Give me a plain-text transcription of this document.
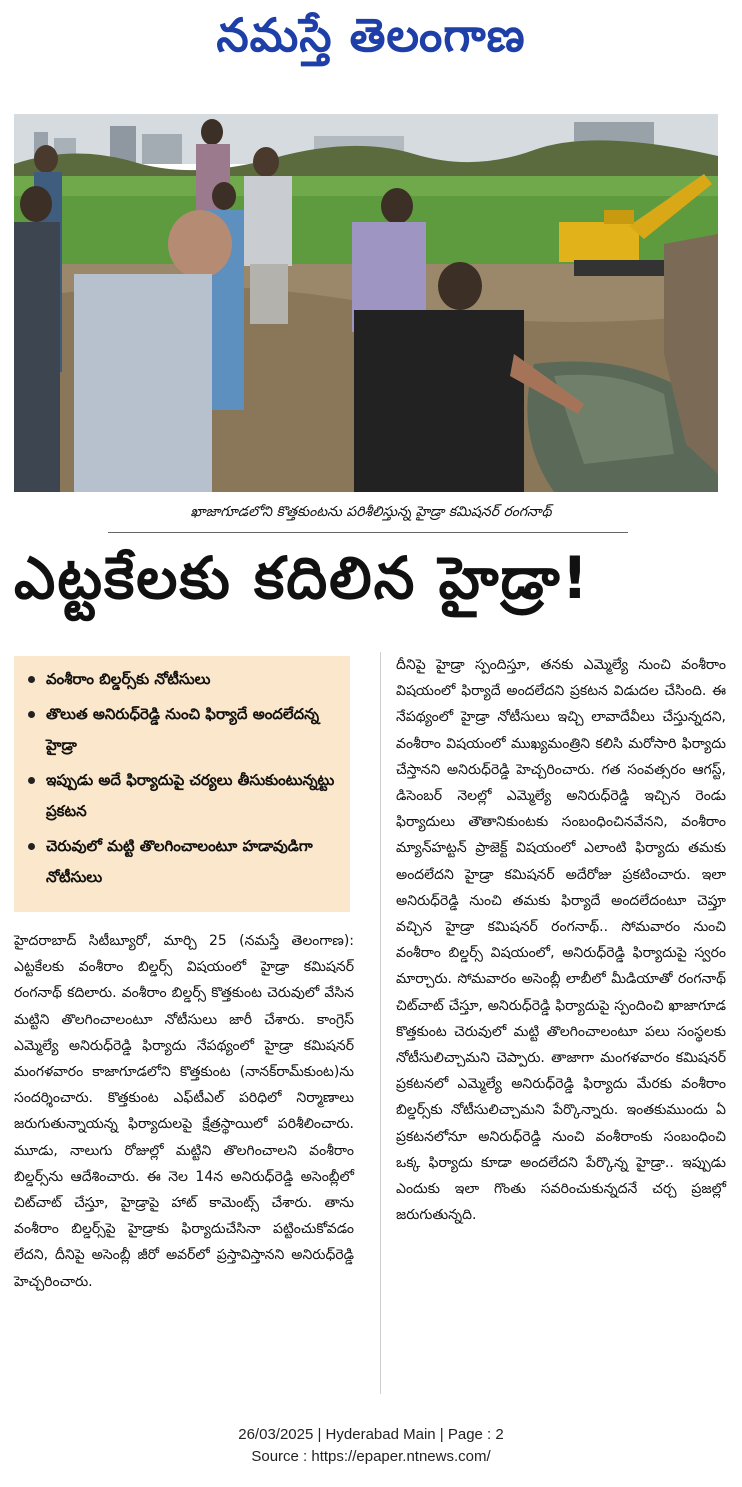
నమస్తే తెలంగాణ
ఖాజాగూడలోని కొత్తకుంటను పరిశీలిస్తున్న హైడ్రా కమిషనర్ రంగనాథ్
ఎట్టకేలకు కదిలిన హైడ్రా!
వంశీరాం బిల్డర్స్‌కు నోటీసులు
తొలుత అనిరుధ్‌రెడ్డి నుంచి ఫిర్యాదే అందలేదన్న హైడ్రా
ఇప్పుడు అదే ఫిర్యాదుపై చర్యలు తీసుకుంటున్నట్టు ప్రకటన
చెరువులో మట్టి తొలగించాలంటూ హడావుడిగా నోటీసులు

హైదరాబాద్ సిటీబ్యూరో, మార్చి 25 (నమస్తే తెలంగాణ): ఎట్టకేలకు వంశీరాం బిల్డర్స్ విషయంలో హైడ్రా కమిషనర్ రంగనాథ్ కదిలారు. వంశీరాం బిల్డర్స్ కొత్తకుంట చెరువులో వేసిన మట్టిని తొలగించాలంటూ నోటీసులు జారీ చేశారు. కాంగ్రెస్ ఎమ్మెల్యే అనిరుధ్‌రెడ్డి ఫిర్యాదు నేపథ్యంలో హైడ్రా కమిషనర్ మంగళవారం కాజాగూడలోని కొత్తకుంట (నానక్‌రామ్‌కుంట)ను సందర్శించారు. కొత్తకుంట ఎఫ్‌టీఎల్ పరిధిలో నిర్మాణాలు జరుగుతున్నాయన్న ఫిర్యాదులపై క్షేత్రస్థాయిలో పరిశీలించారు. మూడు, నాలుగు రోజుల్లో మట్టిని తొలగించాలని వంశీరాం బిల్డర్స్‌ను ఆదేశించారు. ఈ నెల 14న అనిరుధ్‌రెడ్డి అసెంబ్లీలో చిట్‌చాట్ చేస్తూ, హైడ్రాపై హాట్ కామెంట్స్ చేశారు. తాను వంశీరాం బిల్డర్స్‌పై హైడ్రాకు ఫిర్యాదుచేసినా పట్టించుకోవడం లేదని, దీనిపై అసెంబ్లీ జీరో అవర్‌లో ప్రస్తావిస్తానని అనిరుధ్‌రెడ్డి హెచ్చరించారు.

దీనిపై హైడ్రా స్పందిస్తూ, తనకు ఎమ్మెల్యే నుంచి వంశీరాం విషయంలో ఫిర్యాదే అందలేదని ప్రకటన విడుదల చేసింది. ఈ నేపథ్యంలో హైడ్రా నోటీసులు ఇచ్చి లావాదేవీలు చేస్తున్నదని, వంశీరాం విషయంలో ముఖ్యమంత్రిని కలిసి మరోసారి ఫిర్యాదు చేస్తానని అనిరుధ్‌రెడ్డి హెచ్చరించారు. గత సంవత్సరం ఆగస్ట్, డిసెంబర్ నెలల్లో ఎమ్మెల్యే అనిరుధ్‌రెడ్డి ఇచ్చిన రెండు ఫిర్యాదులు తౌతానికుంటకు సంబంధించినవేనని, వంశీరాం మ్యాన్‌హట్టన్ ప్రాజెక్ట్ విషయంలో ఎలాంటి ఫిర్యాదు తమకు అందలేదని హైడ్రా కమిషనర్ అదేరోజు ప్రకటించారు. ఇలా అనిరుధ్‌రెడ్డి నుంచి తమకు ఫిర్యాదే అందలేదంటూ చెప్తూ వచ్చిన హైడ్రా కమిషనర్ రంగనాథ్.. సోమవారం నుంచి వంశీరాం బిల్డర్స్ విషయంలో, అనిరుధ్‌రెడ్డి ఫిర్యాదుపై స్వరం మార్చారు. సోమవారం అసెంబ్లీ లాబీలో మీడియాతో రంగనాథ్ చిట్‌చాట్ చేస్తూ, అనిరుధ్‌రెడ్డి ఫిర్యాదుపై స్పందించి ఖాజాగూడ కొత్తకుంట చెరువులో మట్టి తొలగించాలంటూ పలు సంస్థలకు నోటీసులిచ్చామని చెప్పారు. తాజాగా మంగళవారం కమిషనర్ ప్రకటనలో ఎమ్మెల్యే అనిరుధ్‌రెడ్డి ఫిర్యాదు మేరకు వంశీరాం బిల్డర్స్‌కు నోటీసులిచ్చామని పేర్కొన్నారు. ఇంతకుముందు ఏ ప్రకటనలోనూ అనిరుధ్‌రెడ్డి నుంచి వంశీరాంకు సంబంధించి ఒక్క ఫిర్యాదు కూడా అందలేదని పేర్కొన్న హైడ్రా.. ఇప్పుడు ఎందుకు ఇలా గొంతు సవరించుకున్నదనే చర్చ ప్రజల్లో జరుగుతున్నది.

26/03/2025 | Hyderabad Main | Page : 2
Source : https://epaper.ntnews.com/
